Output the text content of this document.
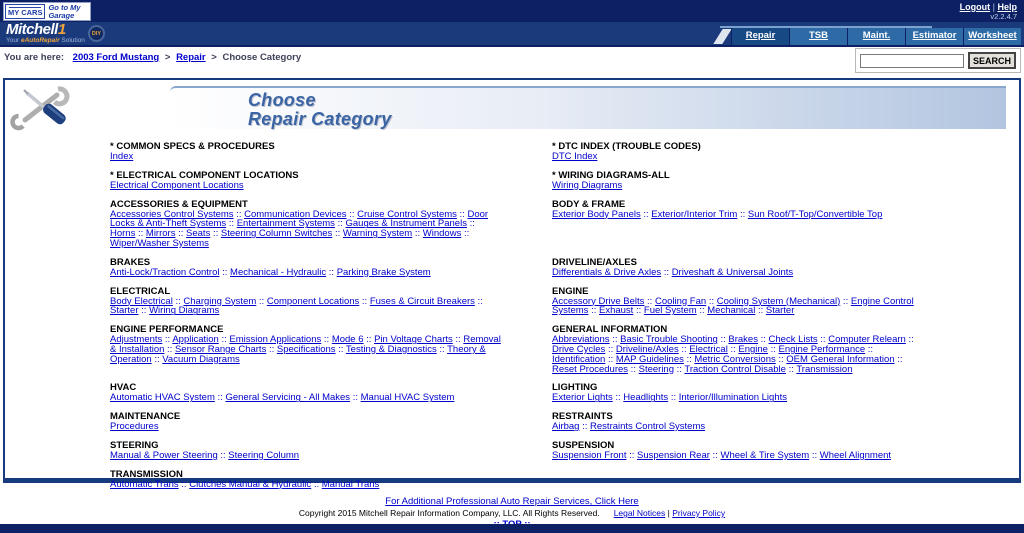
MY CARS
Go to My Garage
Logout | Help
v2.2.4.7
Mitchell1
Your eAutoRepair Solution
DIY	Repair	TSB	Maint.	Estimator	Worksheet
You are here: 2003 Ford Mustang > Repair > Choose Category	SEARCH
Choose
Repair Category
* COMMON SPECS & PROCEDURES
Index

* DTC INDEX (TROUBLE CODES)
DTC Index

* ELECTRICAL COMPONENT LOCATIONS
Electrical Component Locations

* WIRING DIAGRAMS-ALL
Wiring Diagrams

ACCESSORIES & EQUIPMENT
Accessories Control Systems :: Communication Devices :: Cruise Control Systems :: Door Locks & Anti-Theft Systems :: Entertainment Systems :: Gauges & Instrument Panels :: Horns :: Mirrors :: Seats :: Steering Column Switches :: Warning System :: Windows :: Wiper/Washer Systems

BODY & FRAME
Exterior Body Panels :: Exterior/Interior Trim :: Sun Roof/T-Top/Convertible Top

BRAKES
Anti-Lock/Traction Control :: Mechanical - Hydraulic :: Parking Brake System

DRIVELINE/AXLES
Differentials & Drive Axles :: Driveshaft & Universal Joints

ELECTRICAL
Body Electrical :: Charging System :: Component Locations :: Fuses & Circuit Breakers :: Starter :: Wiring Diagrams

ENGINE
Accessory Drive Belts :: Cooling Fan :: Cooling System (Mechanical) :: Engine Control Systems :: Exhaust :: Fuel System :: Mechanical :: Starter

ENGINE PERFORMANCE
Adjustments :: Application :: Emission Applications :: Mode 6 :: Pin Voltage Charts :: Removal & Installation :: Sensor Range Charts :: Specifications :: Testing & Diagnostics :: Theory & Operation :: Vacuum Diagrams

GENERAL INFORMATION
Abbreviations :: Basic Trouble Shooting :: Brakes :: Check Lists :: Computer Relearn :: Drive Cycles :: Driveline/Axles :: Electrical :: Engine :: Engine Performance :: Identification :: MAP Guidelines :: Metric Conversions :: OEM General Information :: Reset Procedures :: Steering :: Traction Control Disable :: Transmission

HVAC
Automatic HVAC System :: General Servicing - All Makes :: Manual HVAC System

LIGHTING
Exterior Lights :: Headlights :: Interior/Illumination Lights

MAINTENANCE
Procedures

RESTRAINTS
Airbag :: Restraints Control Systems

STEERING
Manual & Power Steering :: Steering Column

SUSPENSION
Suspension Front :: Suspension Rear :: Wheel & Tire System :: Wheel Alignment

TRANSMISSION
Automatic Trans :: Clutches Manual & Hydraulic :: Manual Trans	

For Additional Professional Auto Repair Services, Click Here
Copyright 2015 Mitchell Repair Information Company, LLC. All Rights Reserved. Legal Notices | Privacy Policy
